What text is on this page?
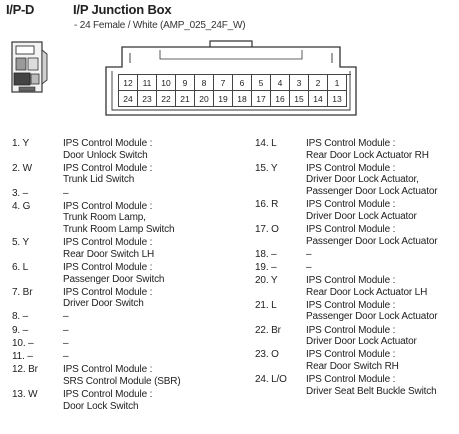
I/P-D	I/P Junction Box
- 24 Female / White (AMP_025_24F_W)
12	11	10	9	8	7	6	5	4	3	2	1
24	23	22	21	20	19	18	17	16	15	14	13
1. Y	IPS Control Module :
Door Unlock Switch
2. W	IPS Control Module :
Trunk Lid Switch
3. –	–
4. G	IPS Control Module :
Trunk Room Lamp,
Trunk Room Lamp Switch
5. Y	IPS Control Module :
Rear Door Switch LH
6. L	IPS Control Module :
Passenger Door Switch
7. Br	IPS Control Module :
Driver Door Switch
8. –	–
9. –	–
10. –	–
11. –	–
12. Br	IPS Control Module :
SRS Control Module (SBR)
13. W	IPS Control Module :
Door Lock Switch
14. L	IPS Control Module :
Rear Door Lock Actuator RH
15. Y	IPS Control Module :
Driver Door Lock Actuator,
Passenger Door Lock Actuator
16. R	IPS Control Module :
Driver Door Lock Actuator
17. O	IPS Control Module :
Passenger Door Lock Actuator
18. –	–
19. –	–
20. Y	IPS Control Module :
Rear Door Lock Actuator LH
21. L	IPS Control Module :
Passenger Door Lock Actuator
22. Br	IPS Control Module :
Driver Door Lock Actuator
23. O	IPS Control Module :
Rear Door Switch RH
24. L/O	IPS Control Module :
Driver Seat Belt Buckle Switch
